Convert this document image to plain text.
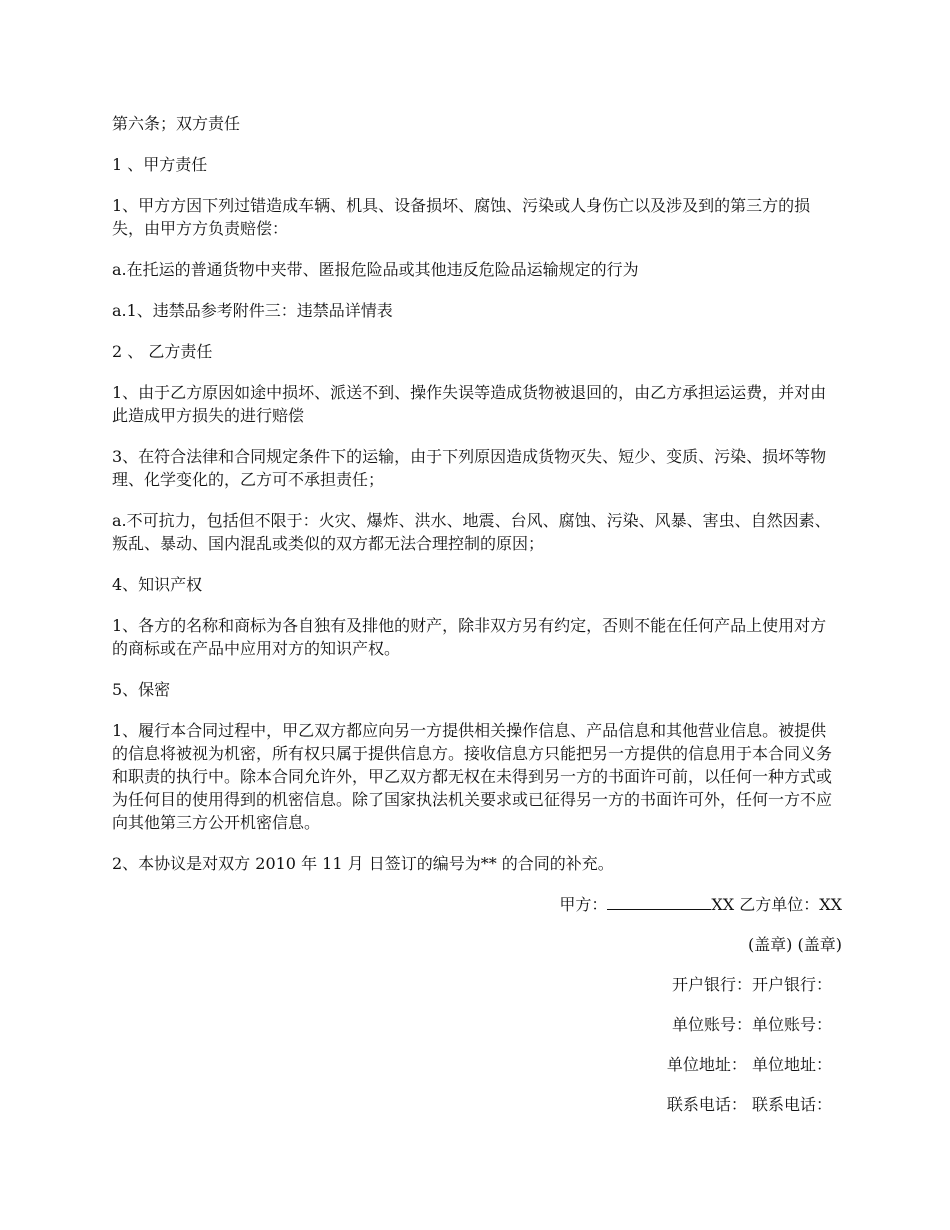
第六条；双方责任

1 、甲方责任

1、甲方方因下列过错造成车辆、机具、设备损坏、腐蚀、污染或人身伤亡以及涉及到的第三方的损失，由甲方方负责赔偿：

a.在托运的普通货物中夹带、匿报危险品或其他违反危险品运输规定的行为

a.1、违禁品参考附件三：违禁品详情表

2 、 乙方责任

1、由于乙方原因如途中损坏、派送不到、操作失误等造成货物被退回的，由乙方承担运运费，并对由此造成甲方损失的进行赔偿

3、在符合法律和合同规定条件下的运输，由于下列原因造成货物灭失、短少、变质、污染、损坏等物理、化学变化的，乙方可不承担责任；

a.不可抗力，包括但不限于：火灾、爆炸、洪水、地震、台风、腐蚀、污染、风暴、害虫、自然因素、叛乱、暴动、国内混乱或类似的双方都无法合理控制的原因；

4、知识产权

1、各方的名称和商标为各自独有及排他的财产，除非双方另有约定，否则不能在任何产品上使用对方的商标或在产品中应用对方的知识产权。

5、保密

1、履行本合同过程中，甲乙双方都应向另一方提供相关操作信息、产品信息和其他营业信息。被提供的信息将被视为机密，所有权只属于提供信息方。接收信息方只能把另一方提供的信息用于本合同义务和职责的执行中。除本合同允许外，甲乙双方都无权在未得到另一方的书面许可前，以任何一种方式或为任何目的使用得到的机密信息。除了国家执法机关要求或已征得另一方的书面许可外，任何一方不应向其他第三方公开机密信息。

2、本协议是对双方 2010 年 11 月 日签订的编号为** 的合同的补充。

甲方：	XX 乙方单位：XX

(盖章) (盖章)

开户银行：开户银行：

单位账号：单位账号：

单位地址： 单位地址：

联系电话： 联系电话：
